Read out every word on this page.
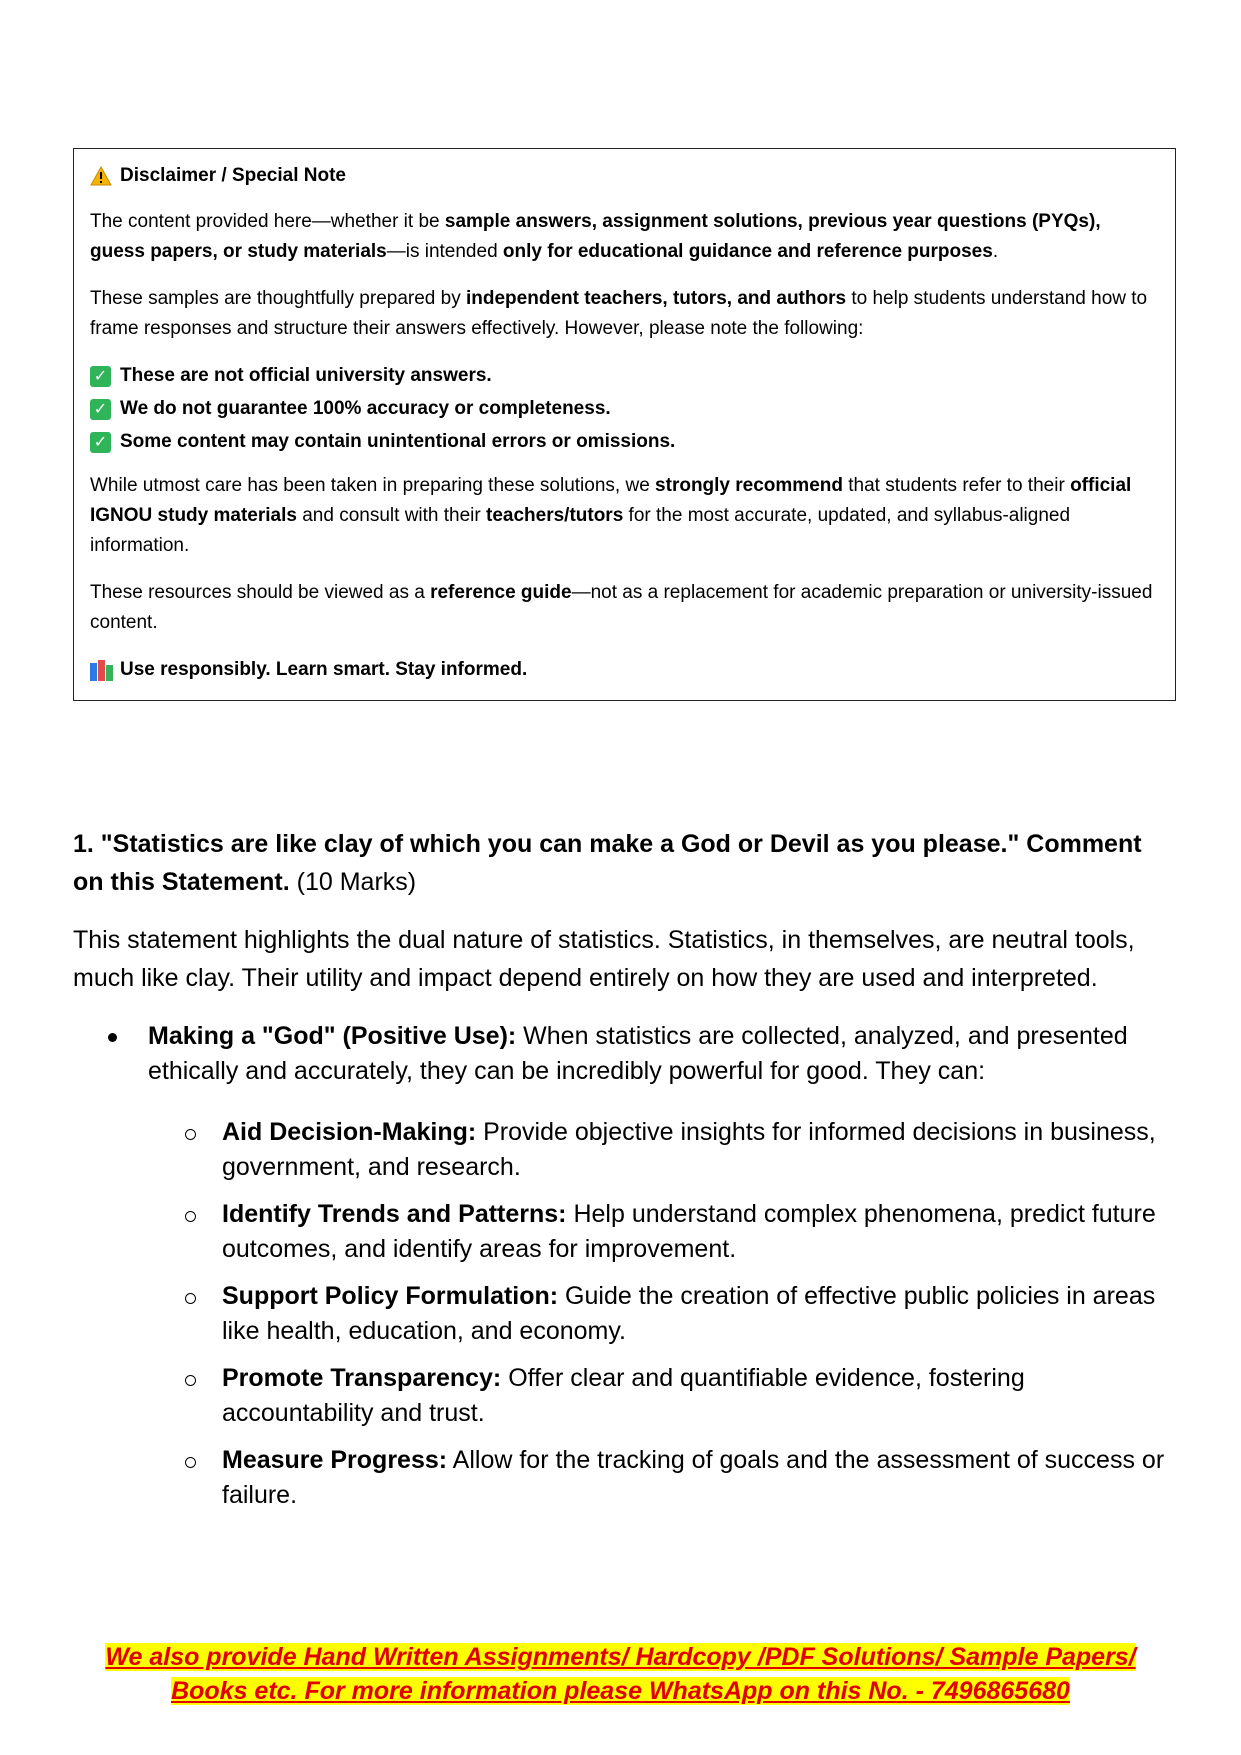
Disclaimer / Special Note

The content provided here—whether it be sample answers, assignment solutions, previous year questions (PYQs), guess papers, or study materials—is intended only for educational guidance and reference purposes.

These samples are thoughtfully prepared by independent teachers, tutors, and authors to help students understand how to frame responses and structure their answers effectively. However, please note the following:

✓ These are not official university answers.
✓ We do not guarantee 100% accuracy or completeness.
✓ Some content may contain unintentional errors or omissions.

While utmost care has been taken in preparing these solutions, we strongly recommend that students refer to their official IGNOU study materials and consult with their teachers/tutors for the most accurate, updated, and syllabus-aligned information.

These resources should be viewed as a reference guide—not as a replacement for academic preparation or university-issued content.

Use responsibly. Learn smart. Stay informed.
1. "Statistics are like clay of which you can make a God or Devil as you please." Comment on this Statement. (10 Marks)
This statement highlights the dual nature of statistics. Statistics, in themselves, are neutral tools, much like clay. Their utility and impact depend entirely on how they are used and interpreted.
Making a "God" (Positive Use): When statistics are collected, analyzed, and presented ethically and accurately, they can be incredibly powerful for good. They can:
Aid Decision-Making: Provide objective insights for informed decisions in business, government, and research.
Identify Trends and Patterns: Help understand complex phenomena, predict future outcomes, and identify areas for improvement.
Support Policy Formulation: Guide the creation of effective public policies in areas like health, education, and economy.
Promote Transparency: Offer clear and quantifiable evidence, fostering accountability and trust.
Measure Progress: Allow for the tracking of goals and the assessment of success or failure.
We also provide Hand Written Assignments/ Hardcopy /PDF Solutions/ Sample Papers/
Books etc. For more information please WhatsApp on this No. - 7496865680
